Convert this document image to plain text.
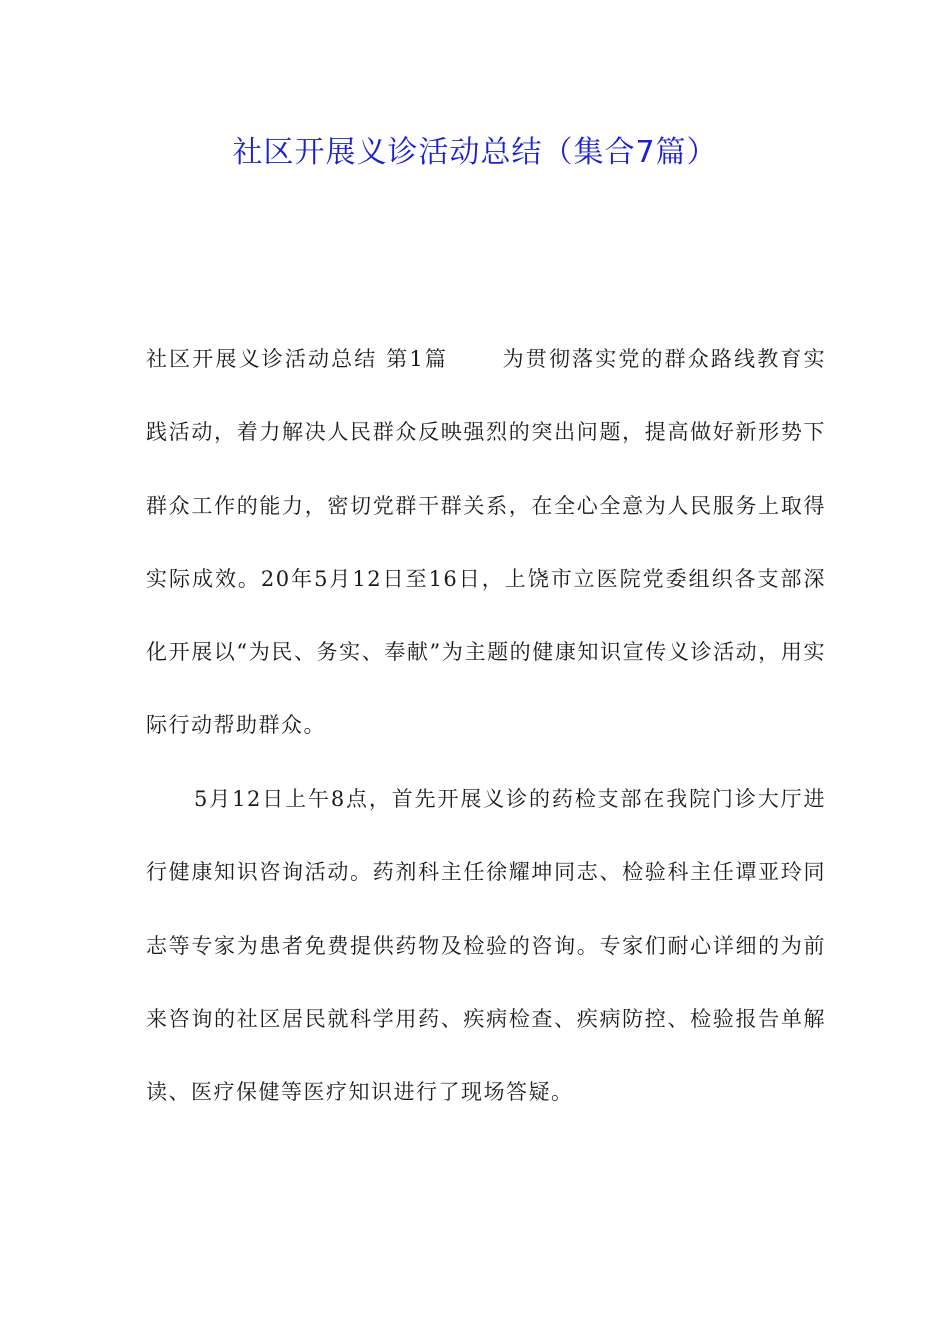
社区开展义诊活动总结（集合7篇）

社区开展义诊活动总结 第1篇	为贯彻落实党的群众路线教育实践活动，着力解决人民群众反映强烈的突出问题，提高做好新形势下群众工作的能力，密切党群干群关系，在全心全意为人民服务上取得实际成效。20年5月12日至16日，上饶市立医院党委组织各支部深化开展以“为民、务实、奉献”为主题的健康知识宣传义诊活动，用实际行动帮助群众。

5月12日上午8点，首先开展义诊的药检支部在我院门诊大厅进行健康知识咨询活动。药剂科主任徐耀坤同志、检验科主任谭亚玲同志等专家为患者免费提供药物及检验的咨询。专家们耐心详细的为前来咨询的社区居民就科学用药、疾病检查、疾病防控、检验报告单解读、医疗保健等医疗知识进行了现场答疑。
